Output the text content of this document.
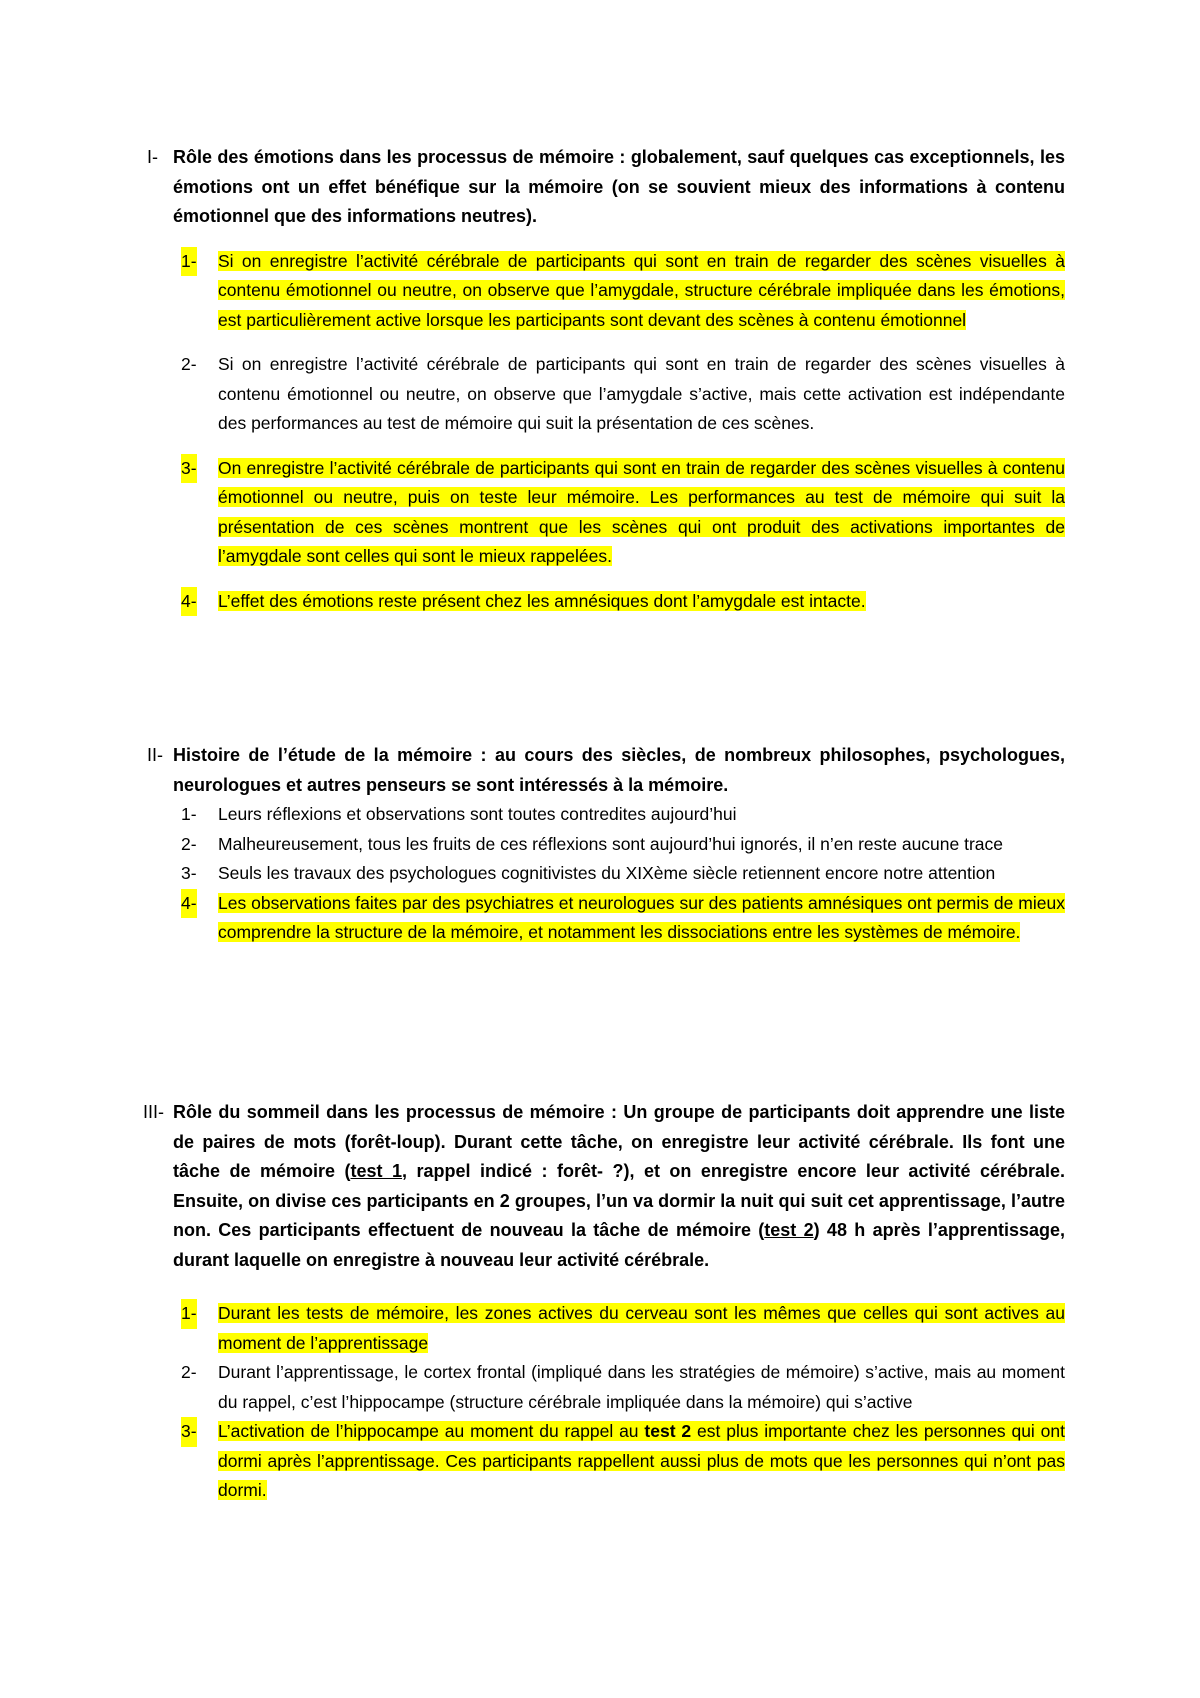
I- Rôle des émotions dans les processus de mémoire : globalement, sauf quelques cas exceptionnels, les émotions ont un effet bénéfique sur la mémoire (on se souvient mieux des informations à contenu émotionnel que des informations neutres).
1- Si on enregistre l’activité cérébrale de participants qui sont en train de regarder des scènes visuelles à contenu émotionnel ou neutre, on observe que l’amygdale, structure cérébrale impliquée dans les émotions, est particulièrement active lorsque les participants sont devant des scènes à contenu émotionnel
2- Si on enregistre l’activité cérébrale de participants qui sont en train de regarder des scènes visuelles à contenu émotionnel ou neutre, on observe que l’amygdale s’active, mais cette activation est indépendante des performances au test de mémoire qui suit la présentation de ces scènes.
3- On enregistre l’activité cérébrale de participants qui sont en train de regarder des scènes visuelles à contenu émotionnel ou neutre, puis on teste leur mémoire. Les performances au test de mémoire qui suit la présentation de ces scènes montrent que les scènes qui ont produit des activations importantes de l’amygdale sont celles qui sont le mieux rappelées.
4- L’effet des émotions reste présent chez les amnésiques dont l’amygdale est intacte.
II- Histoire de l’étude de la mémoire : au cours des siècles, de nombreux philosophes, psychologues, neurologues et autres penseurs se sont intéressés à la mémoire.
1- Leurs réflexions et observations sont toutes contredites aujourd’hui
2- Malheureusement, tous les fruits de ces réflexions sont aujourd’hui ignorés, il n’en reste aucune trace
3- Seuls les travaux des psychologues cognitivistes du XIXème siècle retiennent encore notre attention
4- Les observations faites par des psychiatres et neurologues sur des patients amnésiques ont permis de mieux comprendre la structure de la mémoire, et notamment les dissociations entre les systèmes de mémoire.
III- Rôle du sommeil dans les processus de mémoire : Un groupe de participants doit apprendre une liste de paires de mots (forêt-loup). Durant cette tâche, on enregistre leur activité cérébrale. Ils font une tâche de mémoire (test 1, rappel indicé : forêt- ?), et on enregistre encore leur activité cérébrale. Ensuite, on divise ces participants en 2 groupes, l’un va dormir la nuit qui suit cet apprentissage, l’autre non. Ces participants effectuent de nouveau la tâche de mémoire (test 2) 48 h après l’apprentissage, durant laquelle on enregistre à nouveau leur activité cérébrale.
1- Durant les tests de mémoire, les zones actives du cerveau sont les mêmes que celles qui sont actives au moment de l’apprentissage
2- Durant l’apprentissage, le cortex frontal (impliqué dans les stratégies de mémoire) s’active, mais au moment du rappel, c’est l’hippocampe (structure cérébrale impliquée dans la mémoire) qui s’active
3- L’activation de l’hippocampe au moment du rappel au test 2 est plus importante chez les personnes qui ont dormi après l’apprentissage. Ces participants rappellent aussi plus de mots que les personnes qui n’ont pas dormi.
